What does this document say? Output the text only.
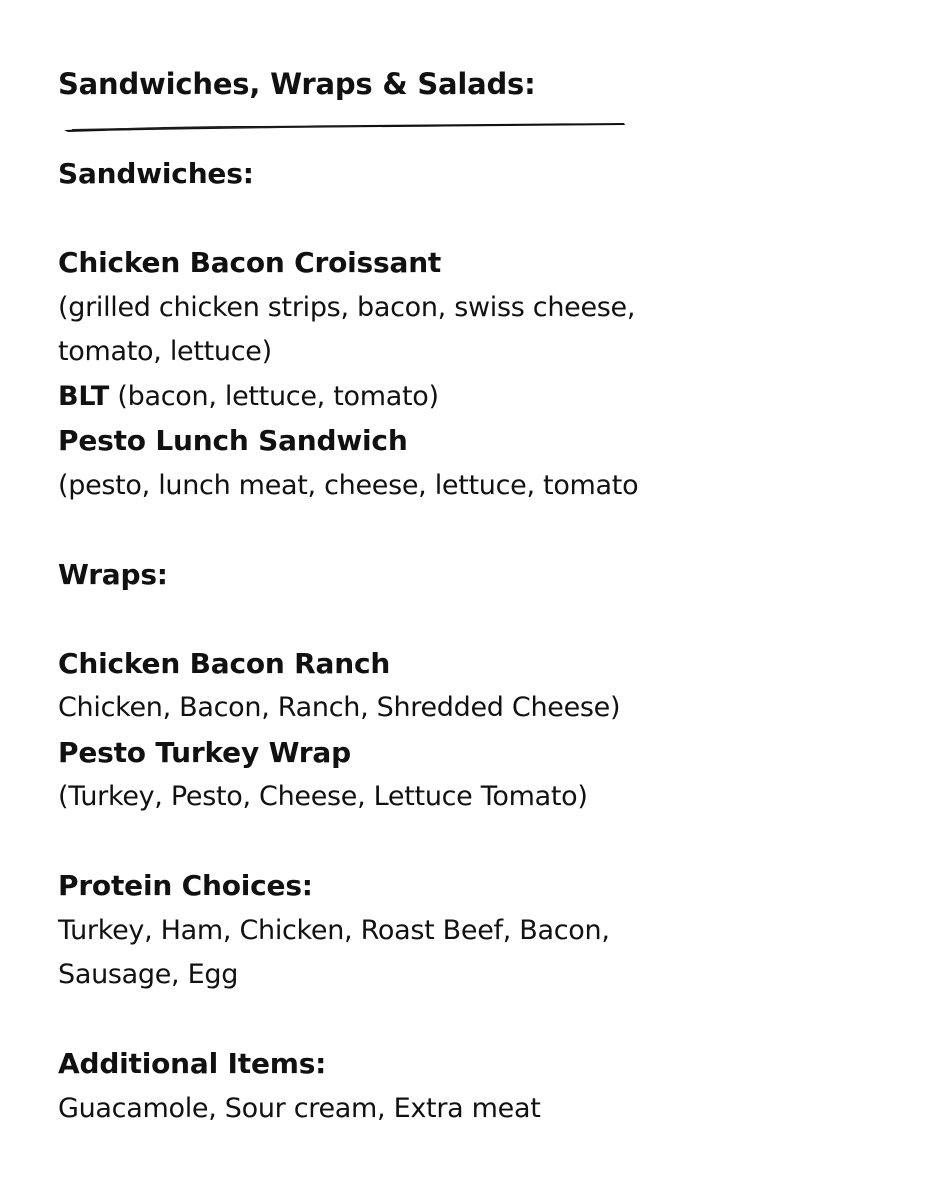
Sandwiches, Wraps & Salads:
Sandwiches:
Chicken Bacon Croissant
(grilled chicken strips, bacon, swiss cheese,
tomato, lettuce)
BLT (bacon, lettuce, tomato)
Pesto Lunch Sandwich
(pesto, lunch meat, cheese, lettuce, tomato
Wraps:
Chicken Bacon Ranch
Chicken, Bacon, Ranch, Shredded Cheese)
Pesto Turkey Wrap
(Turkey, Pesto, Cheese, Lettuce Tomato)
Protein Choices:
Turkey, Ham, Chicken, Roast Beef, Bacon,
Sausage, Egg
Additional Items:
Guacamole, Sour cream, Extra meat
